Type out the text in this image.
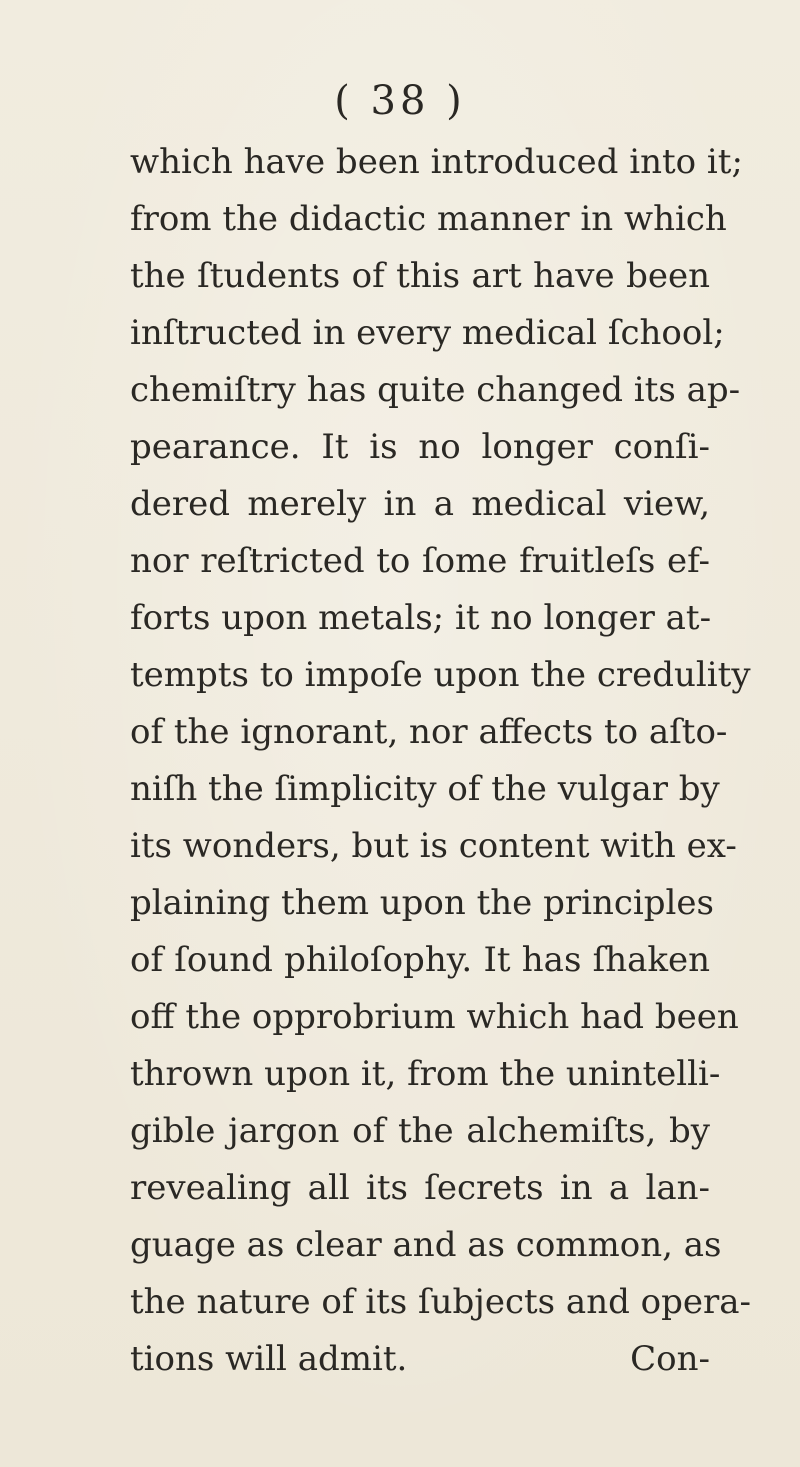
( 38 )
which have been introduced into it;
from the didactic manner in which
the ſtudents of this art have been
inſtructed in every medical ſchool;
chemiſtry has quite changed its ap-
pearance. It is no longer conſi-
dered merely in a medical view,
nor reſtricted to ſome fruitleſs ef-
forts upon metals; it no longer at-
tempts to impoſe upon the credulity
of the ignorant, nor affects to aſto-
niſh the ſimplicity of the vulgar by
its wonders, but is content with ex-
plaining them upon the principles
of ſound philoſophy. It has ſhaken
off the opprobrium which had been
thrown upon it, from the unintelli-
gible jargon of the alchemiſts, by
revealing all its ſecrets in a lan-
guage as clear and as common, as
the nature of its ſubjects and opera-
tions will admit.	Con-
